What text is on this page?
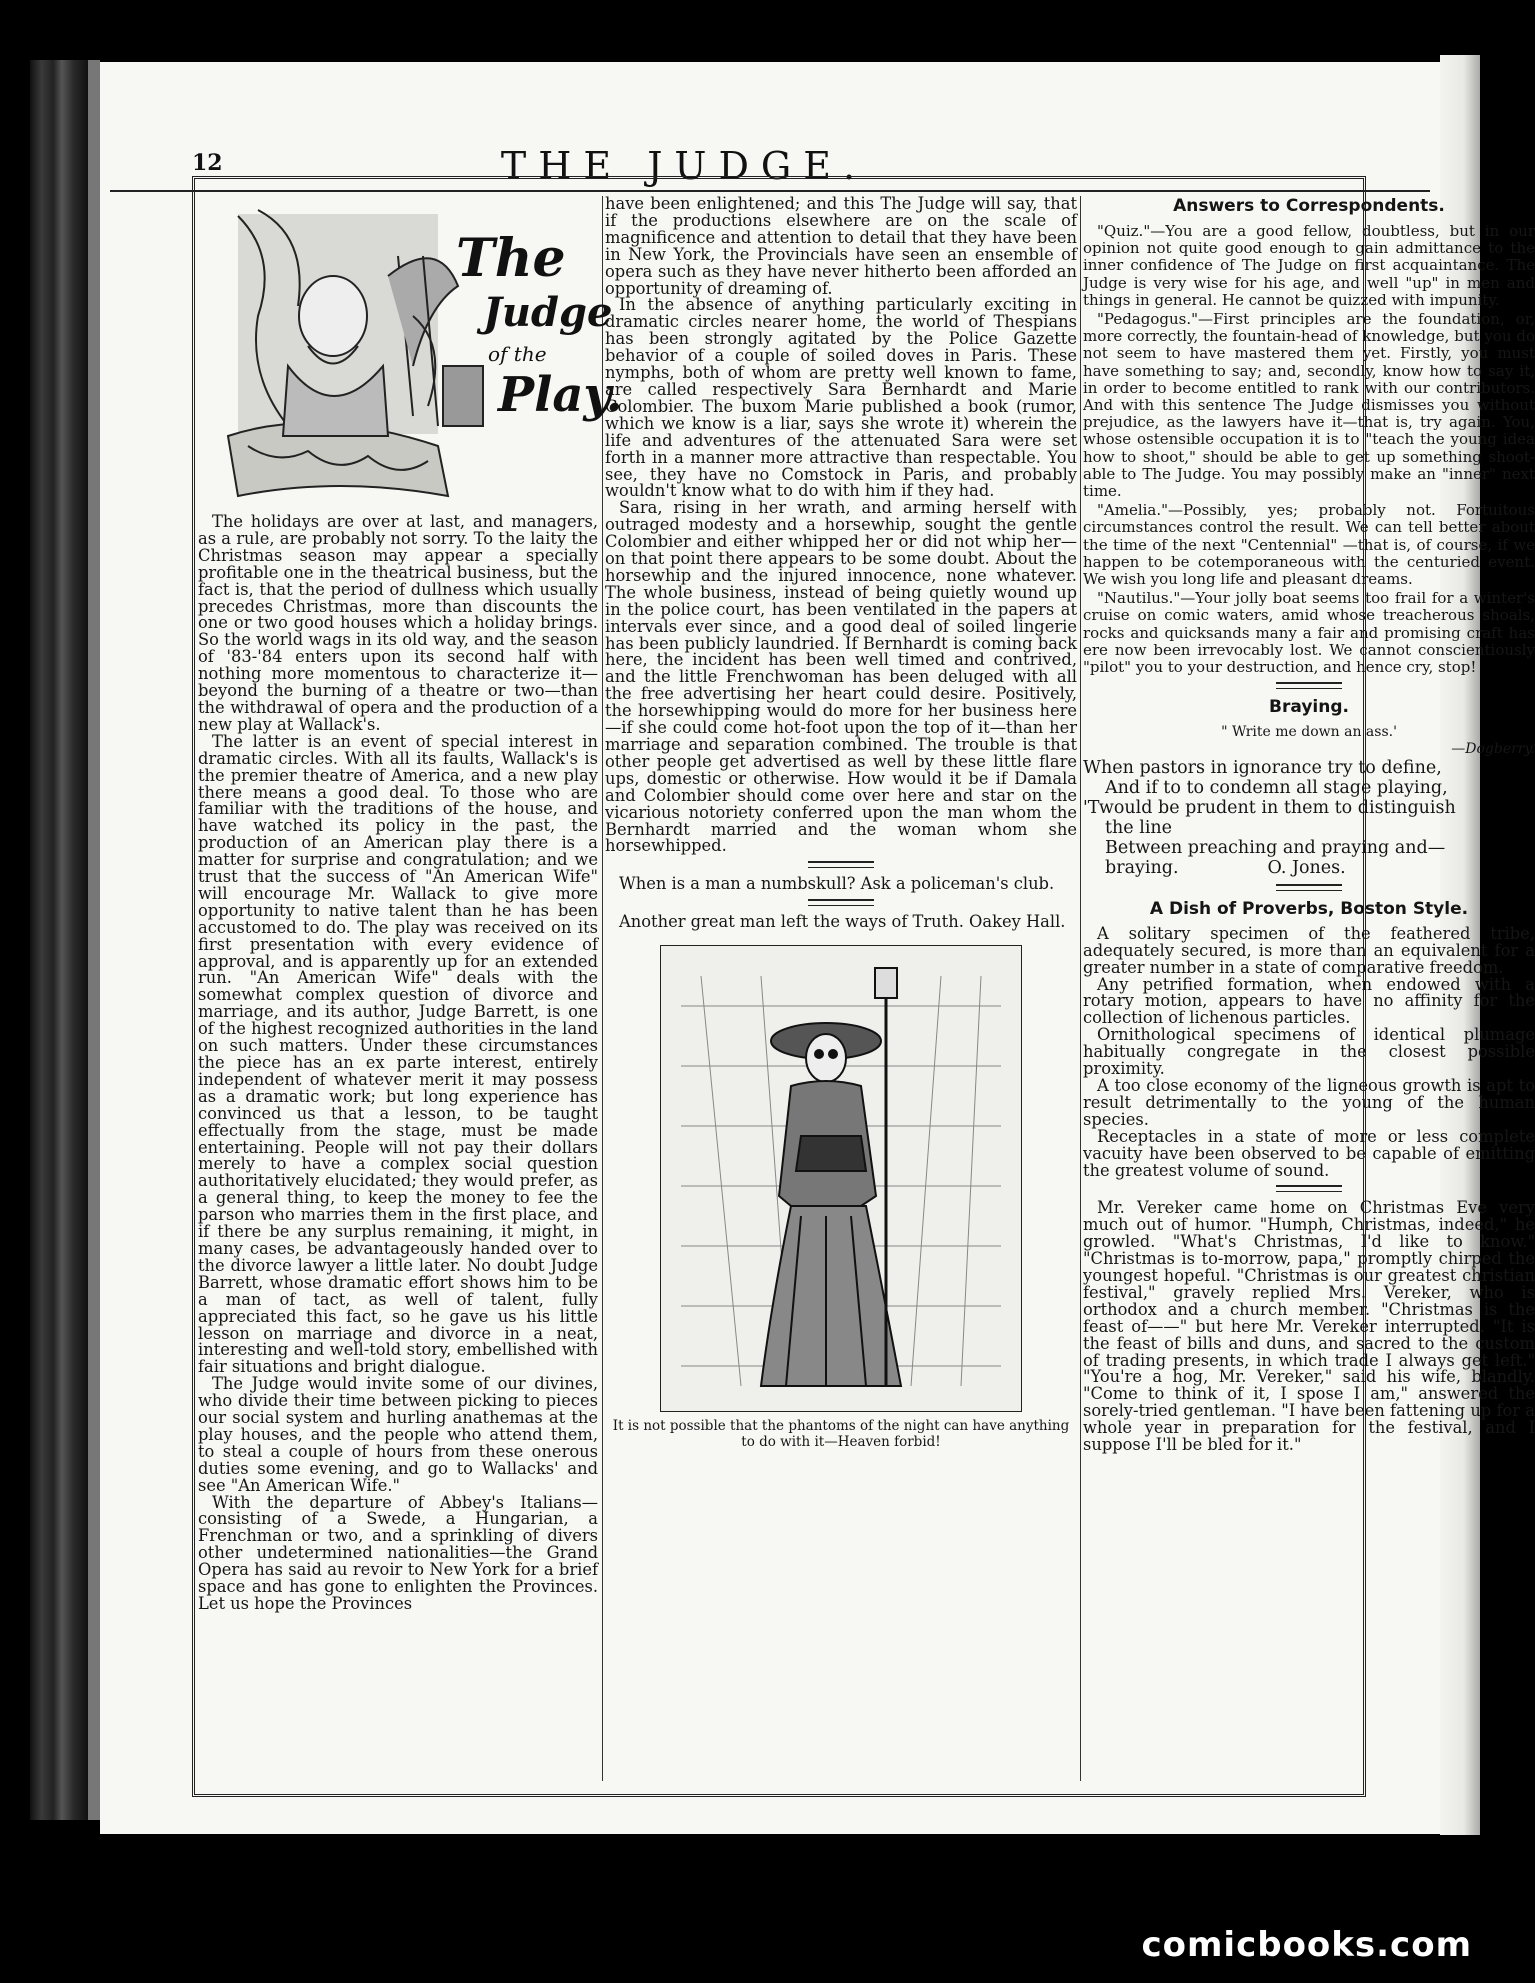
12	THE JUDGE.
The
Judge
of the
Play.

The holidays are over at last, and managers, as a rule, are probably not sorry. To the laity the Christmas season may appear a specially profitable one in the theatrical business, but the fact is, that the period of dullness which usually precedes Christmas, more than discounts the one or two good houses which a holiday brings. So the world wags in its old way, and the season of '83-'84 enters upon its second half with nothing more momentous to characterize it—beyond the burning of a theatre or two—than the withdrawal of opera and the production of a new play at Wallack's.

The latter is an event of special interest in dramatic circles. With all its faults, Wallack's is the premier theatre of America, and a new play there means a good deal. To those who are familiar with the traditions of the house, and have watched its policy in the past, the production of an American play there is a matter for surprise and congratulation; and we trust that the success of "An American Wife" will encourage Mr. Wallack to give more opportunity to native talent than he has been accustomed to do. The play was received on its first presentation with every evidence of approval, and is apparently up for an extended run. "An American Wife" deals with the somewhat complex question of divorce and marriage, and its author, Judge Barrett, is one of the highest recognized authorities in the land on such matters. Under these circumstances the piece has an ex parte interest, entirely independent of whatever merit it may possess as a dramatic work; but long experience has convinced us that a lesson, to be taught effectually from the stage, must be made entertaining. People will not pay their dollars merely to have a complex social question authoritatively elucidated; they would prefer, as a general thing, to keep the money to fee the parson who marries them in the first place, and if there be any surplus remaining, it might, in many cases, be advantageously handed over to the divorce lawyer a little later. No doubt Judge Barrett, whose dramatic effort shows him to be a man of tact, as well of talent, fully appreciated this fact, so he gave us his little lesson on marriage and divorce in a neat, interesting and well-told story, embellished with fair situations and bright dialogue.

The Judge would invite some of our divines, who divide their time between picking to pieces our social system and hurling anathemas at the play houses, and the people who attend them, to steal a couple of hours from these onerous duties some evening, and go to Wallacks' and see "An American Wife."

With the departure of Abbey's Italians—consisting of a Swede, a Hungarian, a Frenchman or two, and a sprinkling of divers other undetermined nationalities—the Grand Opera has said au revoir to New York for a brief space and has gone to enlighten the Provinces. Let us hope the Provinces

have been enlightened; and this The Judge will say, that if the productions elsewhere are on the scale of magnificence and attention to detail that they have been in New York, the Provincials have seen an ensemble of opera such as they have never hitherto been afforded an opportunity of dreaming of.

In the absence of anything particularly exciting in dramatic circles nearer home, the world of Thespians has been strongly agitated by the Police Gazette behavior of a couple of soiled doves in Paris. These nymphs, both of whom are pretty well known to fame, are called respectively Sara Bernhardt and Marie Colombier. The buxom Marie published a book (rumor, which we know is a liar, says she wrote it) wherein the life and adventures of the attenuated Sara were set forth in a manner more attractive than respectable. You see, they have no Comstock in Paris, and probably wouldn't know what to do with him if they had.

Sara, rising in her wrath, and arming herself with outraged modesty and a horsewhip, sought the gentle Colombier and either whipped her or did not whip her—on that point there appears to be some doubt. About the horsewhip and the injured innocence, none whatever. The whole business, instead of being quietly wound up in the police court, has been ventilated in the papers at intervals ever since, and a good deal of soiled lingerie has been publicly laundried. If Bernhardt is coming back here, the incident has been well timed and contrived, and the little Frenchwoman has been deluged with all the free advertising her heart could desire. Positively, the horsewhipping would do more for her business here—if she could come hot-foot upon the top of it—than her marriage and separation combined. The trouble is that other people get advertised as well by these little flare ups, domestic or otherwise. How would it be if Damala and Colombier should come over here and star on the vicarious notoriety conferred upon the man whom the Bernhardt married and the woman whom she horsewhipped.

When is a man a numbskull? Ask a policeman's club.

Another great man left the ways of Truth. Oakey Hall.

It is not possible that the phantoms of the night can have anything to do with it—Heaven forbid!

Answers to Correspondents.

"Quiz."—You are a good fellow, doubtless, but in our opinion not quite good enough to gain admittance to the inner confidence of The Judge on first acquaintance. The Judge is very wise for his age, and well "up" in men and things in general. He cannot be quizzed with impunity.

"Pedagogus."—First principles are the foundation, or, more correctly, the fountain-head of knowledge, but you do not seem to have mastered them yet. Firstly, you must have something to say; and, secondly, know how to say it, in order to become entitled to rank with our contributors. And with this sentence The Judge dismisses you without prejudice, as the lawyers have it—that is, try again. You, whose ostensible occupation it is to "teach the young idea how to shoot," should be able to get up something shoot-able to The Judge. You may possibly make an "inner" next time.

"Amelia."—Possibly, yes; probably not. Fortuitous circumstances control the result. We can tell better about the time of the next "Centennial" —that is, of course, if we happen to be cotemporaneous with the centuried event. We wish you long life and pleasant dreams.

"Nautilus."—Your jolly boat seems too frail for a winter's cruise on comic waters, amid whose treacherous shoals, rocks and quicksands many a fair and promising craft has ere now been irrevocably lost. We cannot conscientiously "pilot" you to your destruction, and hence cry, stop!

Braying.

" Write me down an ass.'

—Dogberry.

When pastors in ignorance try to define,
And if to to condemn all stage playing,
'Twould be prudent in them to distinguish
the line
Between preaching and praying and—
braying.                O. Jones.
A Dish of Proverbs, Boston Style.

A solitary specimen of the feathered tribe, adequately secured, is more than an equivalent for a greater number in a state of comparative freedom.

Any petrified formation, when endowed with a rotary motion, appears to have no affinity for the collection of lichenous particles.

Ornithological specimens of identical plumage habitually congregate in the closest possible proximity.

A too close economy of the ligneous growth is apt to result detrimentally to the young of the human species.

Receptacles in a state of more or less complete vacuity have been observed to be capable of emitting the greatest volume of sound.

Mr. Vereker came home on Christmas Eve very much out of humor. "Humph, Christmas, indeed," he growled. "What's Christmas, I'd like to know." "Christmas is to-morrow, papa," promptly chirped the youngest hopeful. "Christmas is our greatest christian festival," gravely replied Mrs. Vereker, who is orthodox and a church member. "Christmas is the feast of——" but here Mr. Vereker interrupted. "It is the feast of bills and duns, and sacred to the custom of trading presents, in which trade I always get left." "You're a hog, Mr. Vereker," said his wife, blandly. "Come to think of it, I spose I am," answered the sorely-tried gentleman. "I have been fattening up for a whole year in preparation for the festival, and I suppose I'll be bled for it."

comicbooks.com
